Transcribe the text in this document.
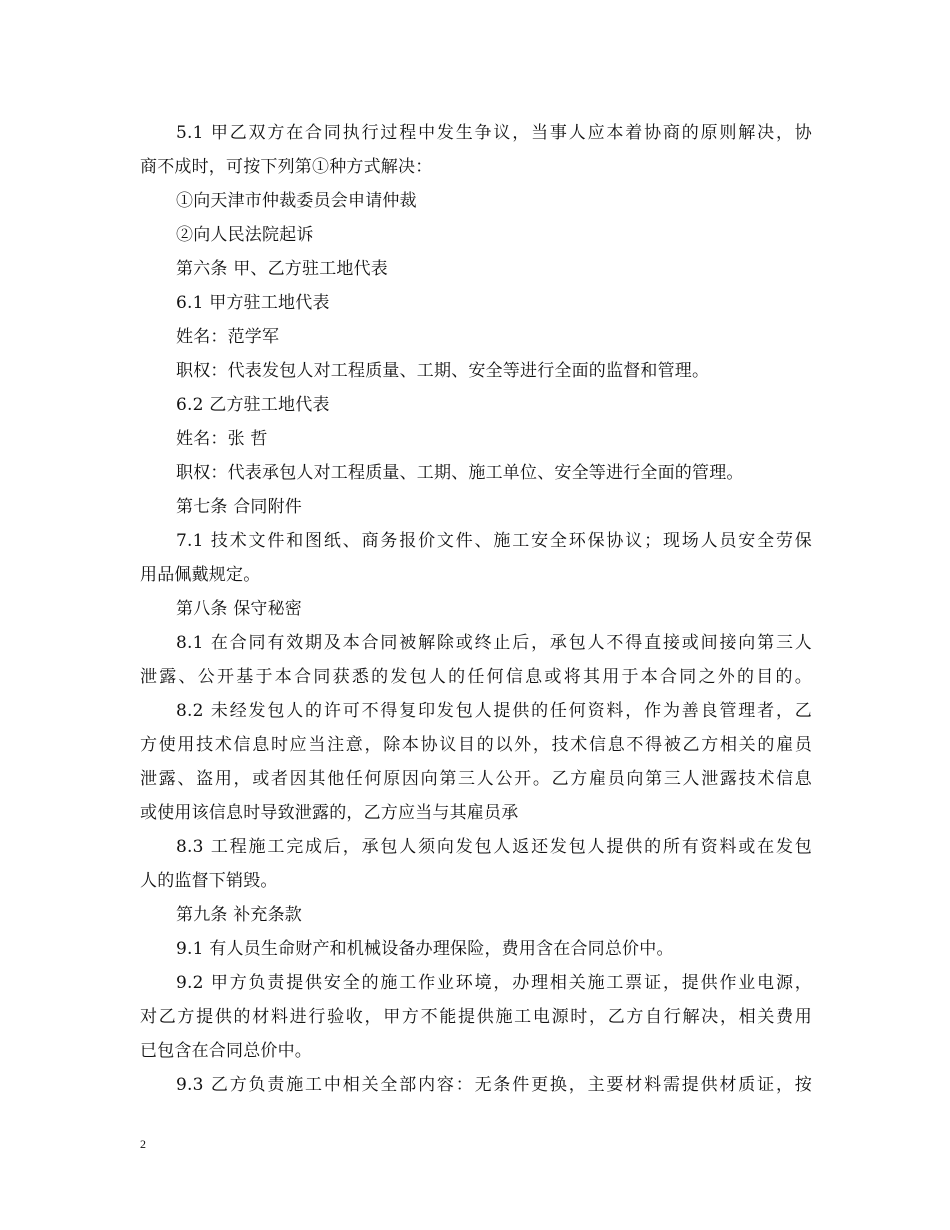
5.1 甲乙双方在合同执行过程中发生争议，当事人应本着协商的原则解决，协
商不成时，可按下列第①种方式解决：
①向天津市仲裁委员会申请仲裁
②向人民法院起诉
第六条 甲、乙方驻工地代表
6.1 甲方驻工地代表
姓名：范学军
职权：代表发包人对工程质量、工期、安全等进行全面的监督和管理。
6.2 乙方驻工地代表
姓名：张 哲
职权：代表承包人对工程质量、工期、施工单位、安全等进行全面的管理。
第七条 合同附件
7.1 技术文件和图纸、商务报价文件、施工安全环保协议；现场人员安全劳保
用品佩戴规定。
第八条 保守秘密
8.1 在合同有效期及本合同被解除或终止后，承包人不得直接或间接向第三人
泄露、公开基于本合同获悉的发包人的任何信息或将其用于本合同之外的目的。
8.2 未经发包人的许可不得复印发包人提供的任何资料，作为善良管理者，乙
方使用技术信息时应当注意，除本协议目的以外，技术信息不得被乙方相关的雇员
泄露、盗用，或者因其他任何原因向第三人公开。乙方雇员向第三人泄露技术信息
或使用该信息时导致泄露的，乙方应当与其雇员承
8.3 工程施工完成后，承包人须向发包人返还发包人提供的所有资料或在发包
人的监督下销毁。
第九条 补充条款
9.1 有人员生命财产和机械设备办理保险，费用含在合同总价中。
9.2 甲方负责提供安全的施工作业环境，办理相关施工票证，提供作业电源，
对乙方提供的材料进行验收，甲方不能提供施工电源时，乙方自行解决，相关费用
已包含在合同总价中。
9.3 乙方负责施工中相关全部内容：无条件更换，主要材料需提供材质证，按
2
